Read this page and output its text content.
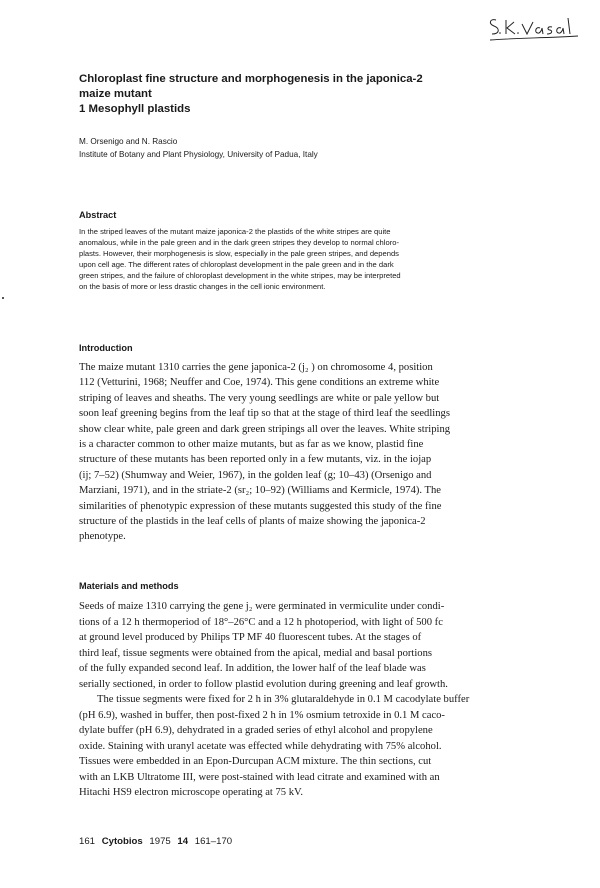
Chloroplast fine structure and morphogenesis in the japonica-2

maize mutant

1 Mesophyll plastids

M. Orsenigo and N. Rascio
Institute of Botany and Plant Physiology, University of Padua, Italy
Abstract
In the striped leaves of the mutant maize japonica-2 the plastids of the white stripes are quite
anomalous, while in the pale green and in the dark green stripes they develop to normal chloro-
plasts. However, their morphogenesis is slow, especially in the pale green stripes, and depends
upon cell age. The different rates of chloroplast development in the pale green and in the dark
green stripes, and the failure of chloroplast development in the white stripes, may be interpreted
on the basis of more or less drastic changes in the cell ionic environment.
Introduction
The maize mutant 1310 carries the gene japonica-2 (j₂ ) on chromosome 4, position
112 (Vetturini, 1968; Neuffer and Coe, 1974). This gene conditions an extreme white
striping of leaves and sheaths. The very young seedlings are white or pale yellow but
soon leaf greening begins from the leaf tip so that at the stage of third leaf the seedlings
show clear white, pale green and dark green stripings all over the leaves. White striping
is a character common to other maize mutants, but as far as we know, plastid fine
structure of these mutants has been reported only in a few mutants, viz. in the iojap
(ij; 7–52) (Shumway and Weier, 1967), in the golden leaf (g; 10–43) (Orsenigo and
Marziani, 1971), and in the striate-2 (sr₂; 10–92) (Williams and Kermicle, 1974). The
similarities of phenotypic expression of these mutants suggested this study of the fine
structure of the plastids in the leaf cells of plants of maize showing the japonica-2
phenotype.
Materials and methods
Seeds of maize 1310 carrying the gene j₂ were germinated in vermiculite under condi-
tions of a 12 h thermoperiod of 18°–26°C and a 12 h photoperiod, with light of 500 fc
at ground level produced by Philips TP MF 40 fluorescent tubes. At the stages of
third leaf, tissue segments were obtained from the apical, medial and basal portions
of the fully expanded second leaf. In addition, the lower half of the leaf blade was
serially sectioned, in order to follow plastid evolution during greening and leaf growth.
The tissue segments were fixed for 2 h in 3% glutaraldehyde in 0.1 M cacodylate buffer
(pH 6.9), washed in buffer, then post-fixed 2 h in 1% osmium tetroxide in 0.1 M caco-
dylate buffer (pH 6.9), dehydrated in a graded series of ethyl alcohol and propylene
oxide. Staining with uranyl acetate was effected while dehydrating with 75% alcohol.
Tissues were embedded in an Epon-Durcupan ACM mixture. The thin sections, cut
with an LKB Ultratome III, were post-stained with lead citrate and examined with an
Hitachi HS9 electron microscope operating at 75 kV.
161 Cytobios 1975 14 161–170
